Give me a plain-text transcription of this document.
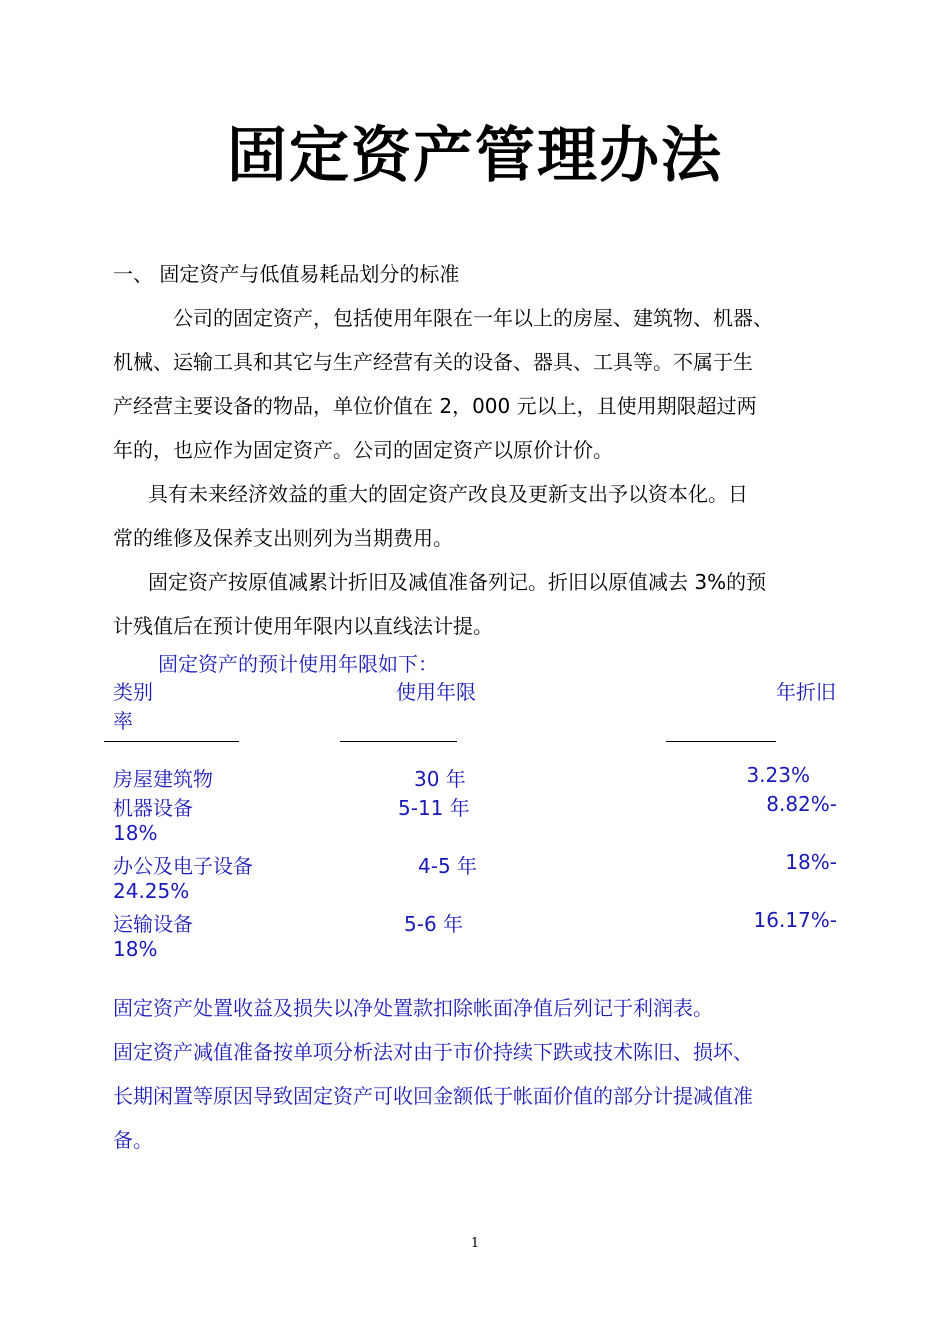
固定资产管理办法
一、 固定资产与低值易耗品划分的标准
公司的固定资产，包括使用年限在一年以上的房屋、建筑物、机器、
机械、运输工具和其它与生产经营有关的设备、器具、工具等。不属于生
产经营主要设备的物品，单位价值在 2，000 元以上，且使用期限超过两
年的，也应作为固定资产。公司的固定资产以原价计价。
具有未来经济效益的重大的固定资产改良及更新支出予以资本化。日
常的维修及保养支出则列为当期费用。
固定资产按原值减累计折旧及减值准备列记。折旧以原值减去 3%的预
计残值后在预计使用年限内以直线法计提。
固定资产的预计使用年限如下：
类别	使用年限	年折旧
率
房屋建筑物	30 年	3.23%
机器设备	5-11 年	8.82%-
18%
办公及电子设备	4-5 年	18%-
24.25%
运输设备	5-6 年	16.17%-
18%
固定资产处置收益及损失以净处置款扣除帐面净值后列记于利润表。
固定资产减值准备按单项分析法对由于市价持续下跌或技术陈旧、损坏、
长期闲置等原因导致固定资产可收回金额低于帐面价值的部分计提减值准
备。
1
